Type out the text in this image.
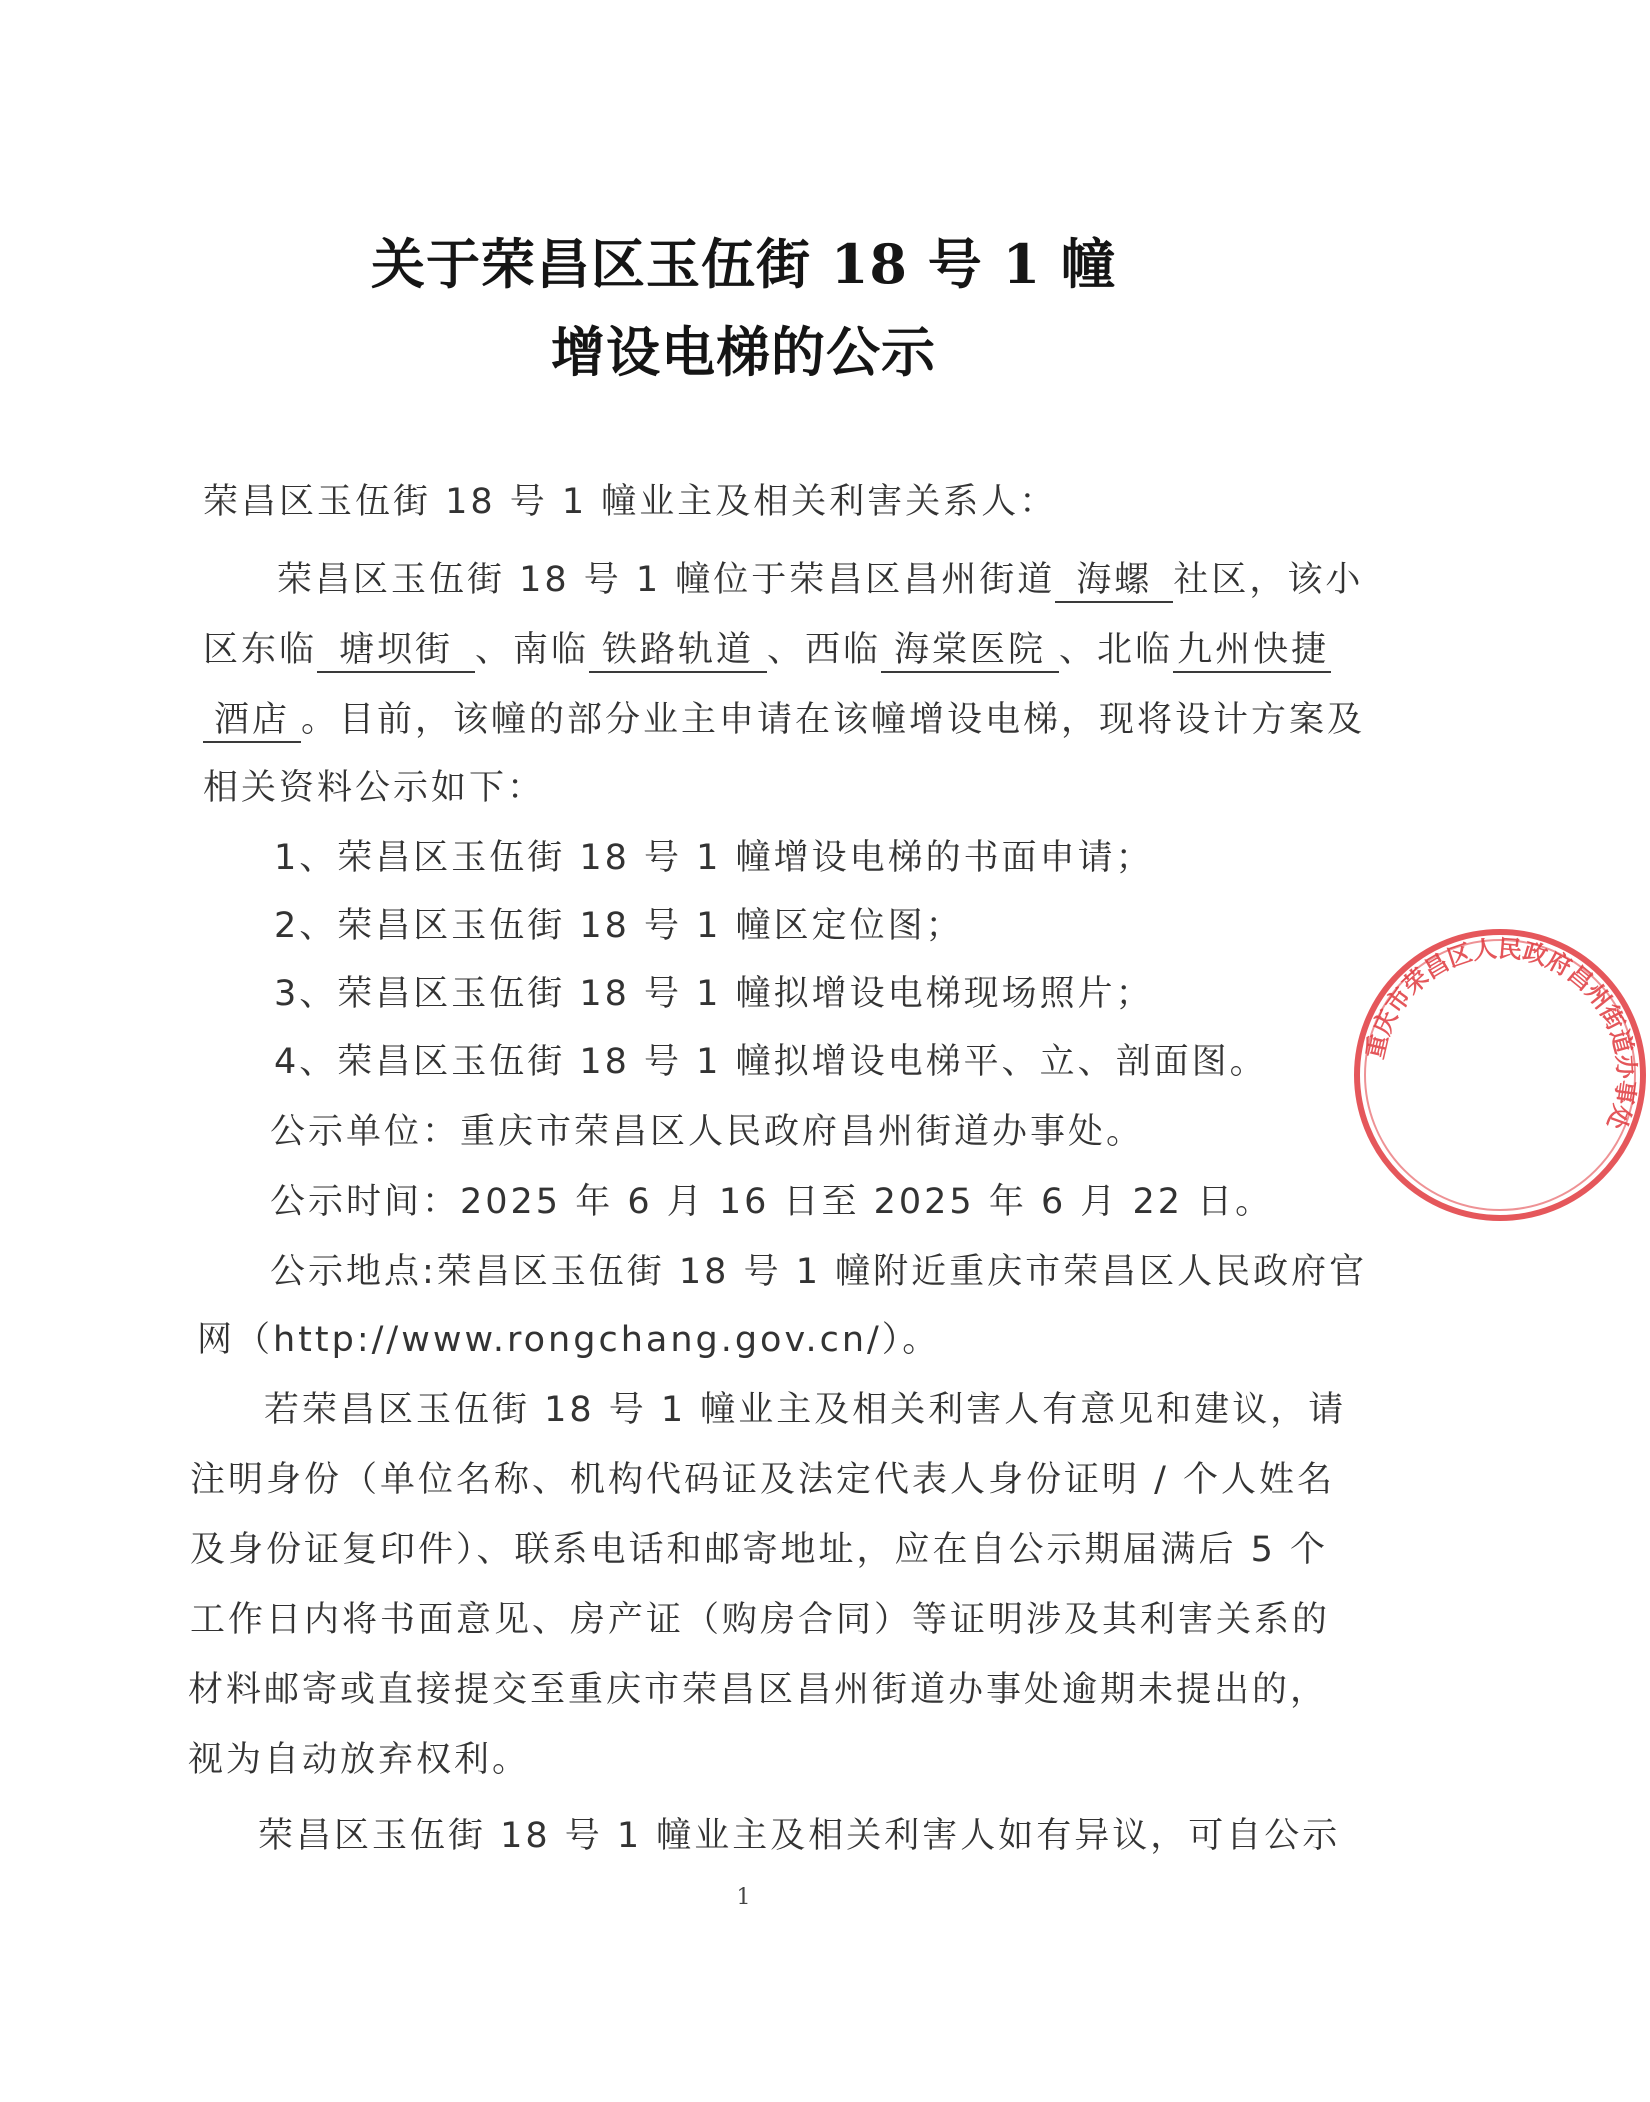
关于荣昌区玉伍街 18 号 1 幢
增设电梯的公示
荣昌区玉伍街 18 号 1 幢业主及相关利害关系人：
荣昌区玉伍街 18 号 1 幢位于荣昌区昌州街道 海螺 社区，该小
区东临 塘坝街 、南临 铁路轨道 、西临 海棠医院 、北临 九州快捷
酒店 。目前，该幢的部分业主申请在该幢增设电梯，现将设计方案及
相关资料公示如下：
1、荣昌区玉伍街 18 号 1 幢增设电梯的书面申请；
2、荣昌区玉伍街 18 号 1 幢区定位图；
3、荣昌区玉伍街 18 号 1 幢拟增设电梯现场照片；
4、荣昌区玉伍街 18 号 1 幢拟增设电梯平、立、剖面图。
公示单位：重庆市荣昌区人民政府昌州街道办事处。
公示时间：2025 年 6 月 16 日至 2025 年 6 月 22 日。
公示地点:荣昌区玉伍街 18 号 1 幢附近重庆市荣昌区人民政府官
网（http://www.rongchang.gov.cn/）。
若荣昌区玉伍街 18 号 1 幢业主及相关利害人有意见和建议，请
注明身份（单位名称、机构代码证及法定代表人身份证明 / 个人姓名
及身份证复印件）、联系电话和邮寄地址，应在自公示期届满后 5 个
工作日内将书面意见、房产证（购房合同）等证明涉及其利害关系的
材料邮寄或直接提交至重庆市荣昌区昌州街道办事处逾期未提出的，
视为自动放弃权利。
荣昌区玉伍街 18 号 1 幢业主及相关利害人如有异议，可自公示
1
重庆市荣昌区人民政府昌州街道办事处
